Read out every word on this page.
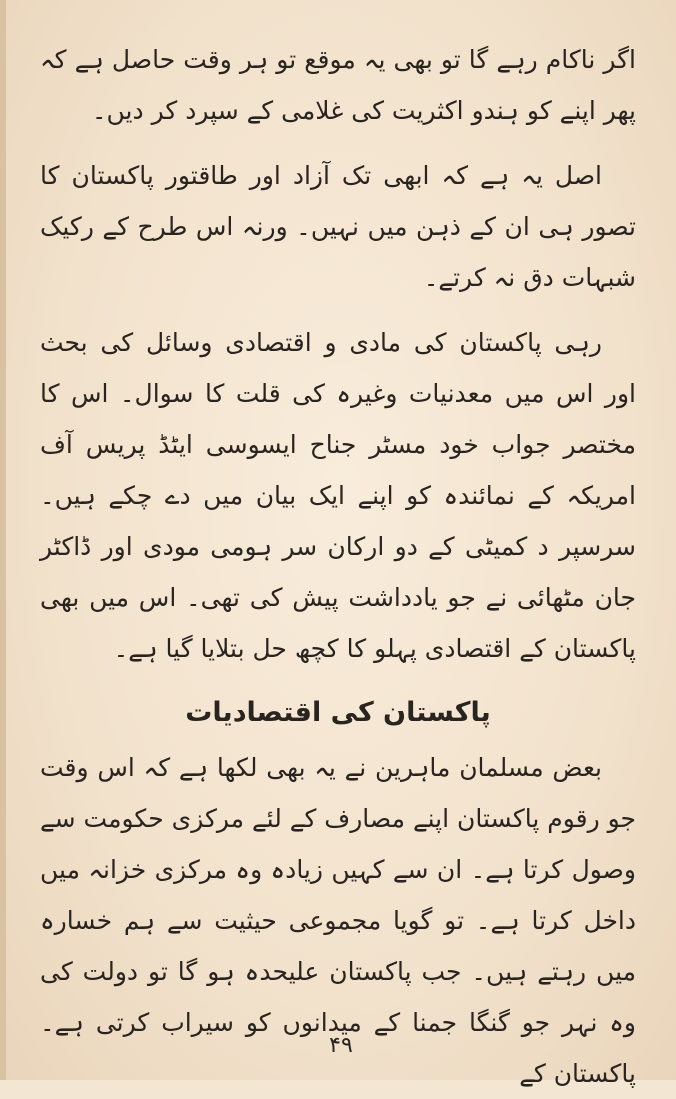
اگر ناکام رہے گا تو بھی یہ موقع تو ہر وقت حاصل ہے کہ پھر اپنے کو ہندو اکثریت کی غلامی کے سپرد کر دیں۔

اصل یہ ہے کہ ابھی تک آزاد اور طاقتور پاکستان کا تصور ہی ان کے ذہن میں نہیں۔ ورنہ اس طرح کے رکیک شبہات دق نہ کرتے۔

رہی پاکستان کی مادی و اقتصادی وسائل کی بحث اور اس میں معدنیات وغیرہ کی قلت کا سوال۔ اس کا مختصر جواب خود مسٹر جناح ایسوسی ایٹڈ پریس آف امریکہ کے نمائندہ کو اپنے ایک بیان میں دے چکے ہیں۔ سرسپر د کمیٹی کے دو ارکان سر ہومی مودی اور ڈاکٹر جان مٹھائی نے جو یادداشت پیش کی تھی۔ اس میں بھی پاکستان کے اقتصادی پہلو کا کچھ حل بتلایا گیا ہے۔

پاکستان کی اقتصادیات

بعض مسلمان ماہرین نے یہ بھی لکھا ہے کہ اس وقت جو رقوم پاکستان اپنے مصارف کے لئے مرکزی حکومت سے وصول کرتا ہے۔ ان سے کہیں زیادہ وہ مرکزی خزانہ میں داخل کرتا ہے۔ تو گویا مجموعی حیثیت سے ہم خسارہ میں رہتے ہیں۔ جب پاکستان علیحدہ ہو گا تو دولت کی وہ نہر جو گنگا جمنا کے میدانوں کو سیراب کرتی ہے۔ پاکستان کے

۴۹
